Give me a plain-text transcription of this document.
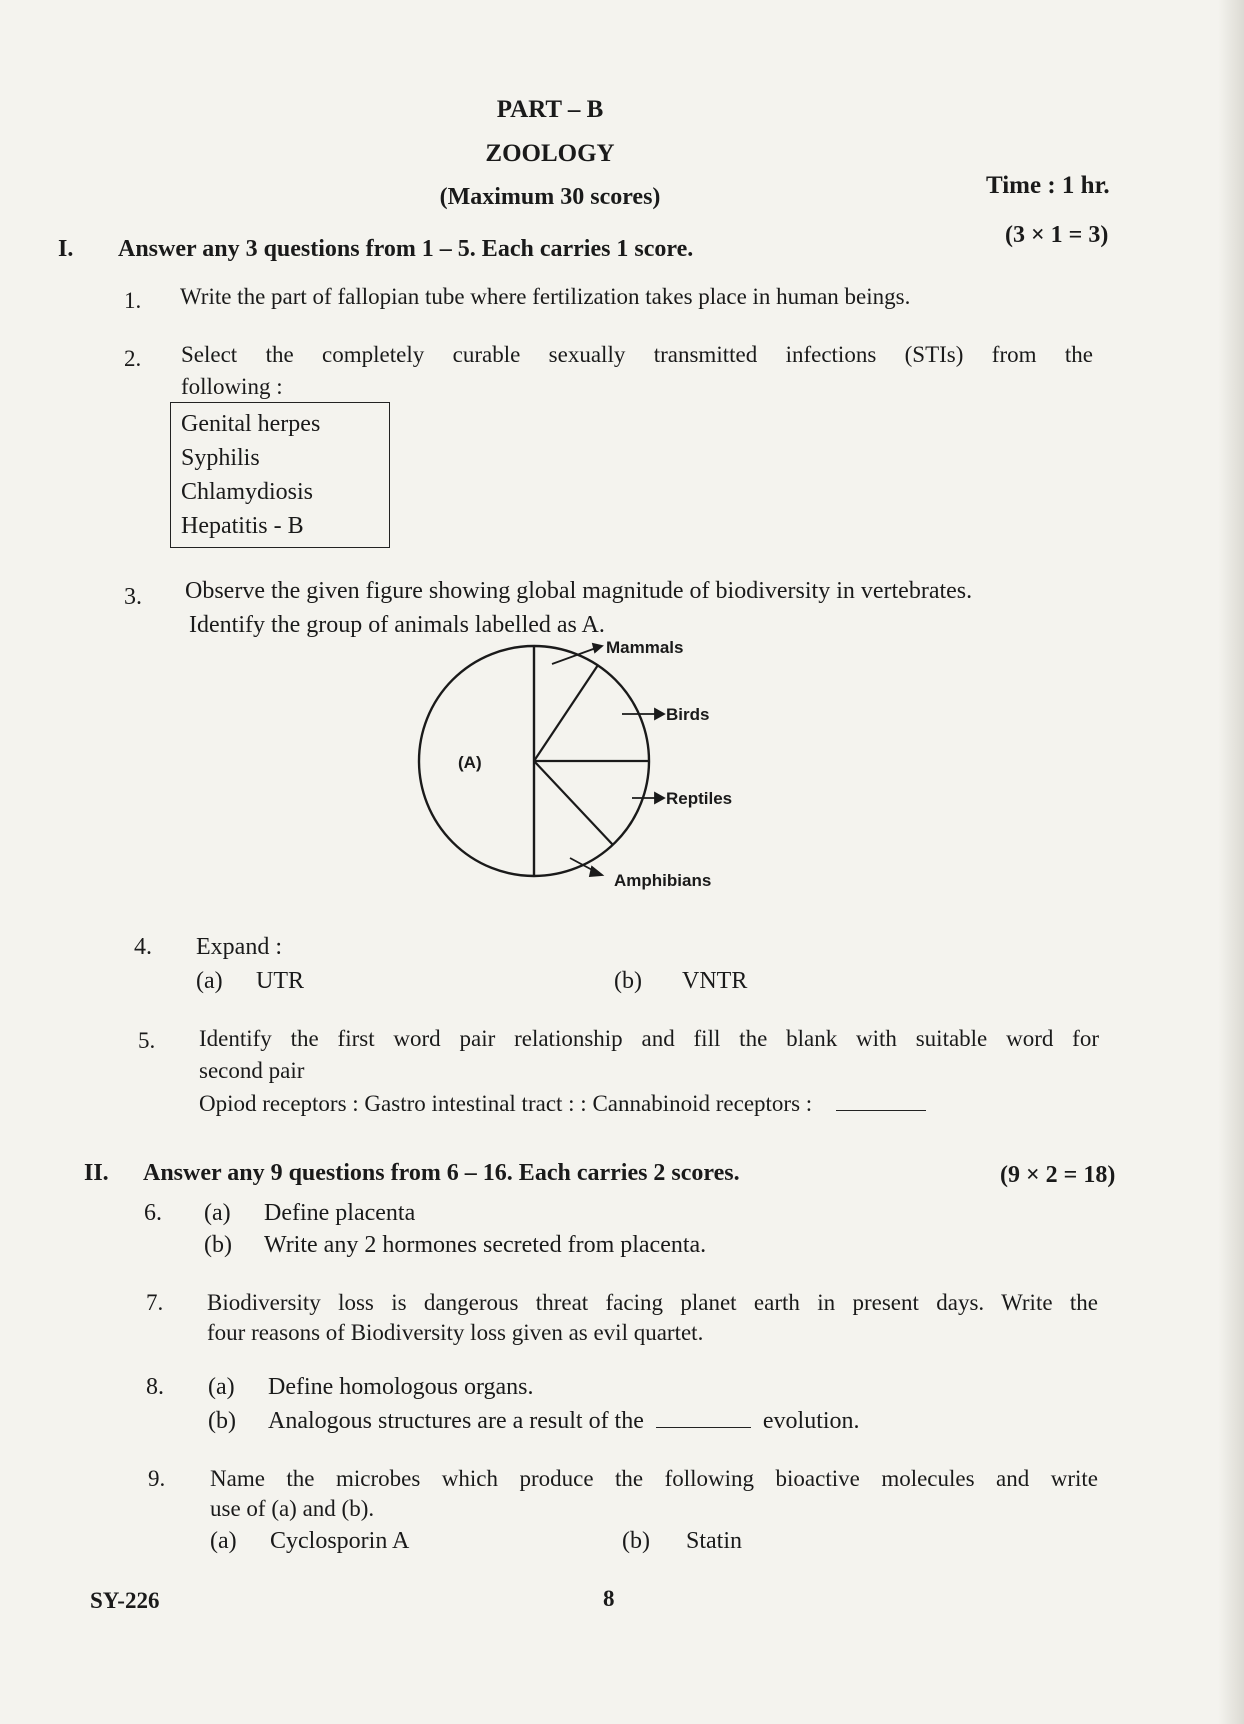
PART – B
ZOOLOGY
(Maximum 30 scores)	Time : 1 hr.
I. Answer any 3 questions from 1 – 5. Each carries 1 score.
(3 × 1 = 3)
1. Write the part of fallopian tube where fertilization takes place in human beings.
2. Select the completely curable sexually transmitted infections (STIs) from the
following :
Genital herpes
Syphilis
Chlamydiosis
Hepatitis - B
3. Observe the given figure showing global magnitude of biodiversity in vertebrates.
Identify the group of animals labelled as A.
(A)
Mammals
Birds
Reptiles
Amphibians
4. Expand :
(a) UTR	(b) VNTR
5. Identify the first word pair relationship and fill the blank with suitable word for
second pair
Opiod receptors : Gastro intestinal tract : : Cannabinoid receptors :
II. Answer any 9 questions from 6 – 16. Each carries 2 scores.	(9 × 2 = 18)
6. (a) Define placenta
(b) Write any 2 hormones secreted from placenta.
7. Biodiversity loss is dangerous threat facing planet earth in present days. Write the
four reasons of Biodiversity loss given as evil quartet.
8. (a) Define homologous organs.
(b) Analogous structures are a result of the	evolution.
9. Name the microbes which produce the following bioactive molecules and write
use of (a) and (b).
(a) Cyclosporin A	(b) Statin
SY-226	8
